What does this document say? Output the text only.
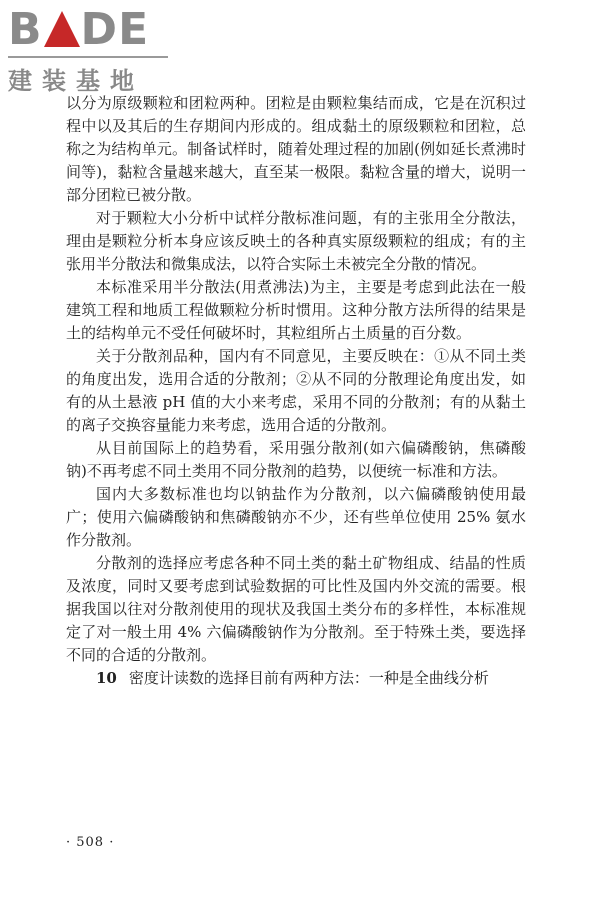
B DE
建装基地

以分为原级颗粒和团粒两种。团粒是由颗粒集结而成，它是在沉积过程中以及其后的生存期间内形成的。组成黏土的原级颗粒和团粒，总称之为结构单元。制备试样时，随着处理过程的加剧(例如延长煮沸时间等)，黏粒含量越来越大，直至某一极限。黏粒含量的增大，说明一部分团粒已被分散。

对于颗粒大小分析中试样分散标准问题，有的主张用全分散法，理由是颗粒分析本身应该反映土的各种真实原级颗粒的组成；有的主张用半分散法和微集成法，以符合实际土未被完全分散的情况。

本标准采用半分散法(用煮沸法)为主，主要是考虑到此法在一般建筑工程和地质工程做颗粒分析时惯用。这种分散方法所得的结果是土的结构单元不受任何破坏时，其粒组所占土质量的百分数。

关于分散剂品种，国内有不同意见，主要反映在：①从不同土类的角度出发，选用合适的分散剂；②从不同的分散理论角度出发，如有的从土悬液 pH 值的大小来考虑，采用不同的分散剂；有的从黏土的离子交换容量能力来考虑，选用合适的分散剂。

从目前国际上的趋势看，采用强分散剂(如六偏磷酸钠，焦磷酸钠)不再考虑不同土类用不同分散剂的趋势，以便统一标准和方法。

国内大多数标准也均以钠盐作为分散剂，以六偏磷酸钠使用最广；使用六偏磷酸钠和焦磷酸钠亦不少，还有些单位使用 25% 氨水作分散剂。

分散剂的选择应考虑各种不同土类的黏土矿物组成、结晶的性质及浓度，同时又要考虑到试验数据的可比性及国内外交流的需要。根据我国以往对分散剂使用的现状及我国土类分布的多样性，本标准规定了对一般土用 4% 六偏磷酸钠作为分散剂。至于特殊土类，要选择不同的合适的分散剂。

10 密度计读数的选择目前有两种方法：一种是全曲线分析

· 508 ·
